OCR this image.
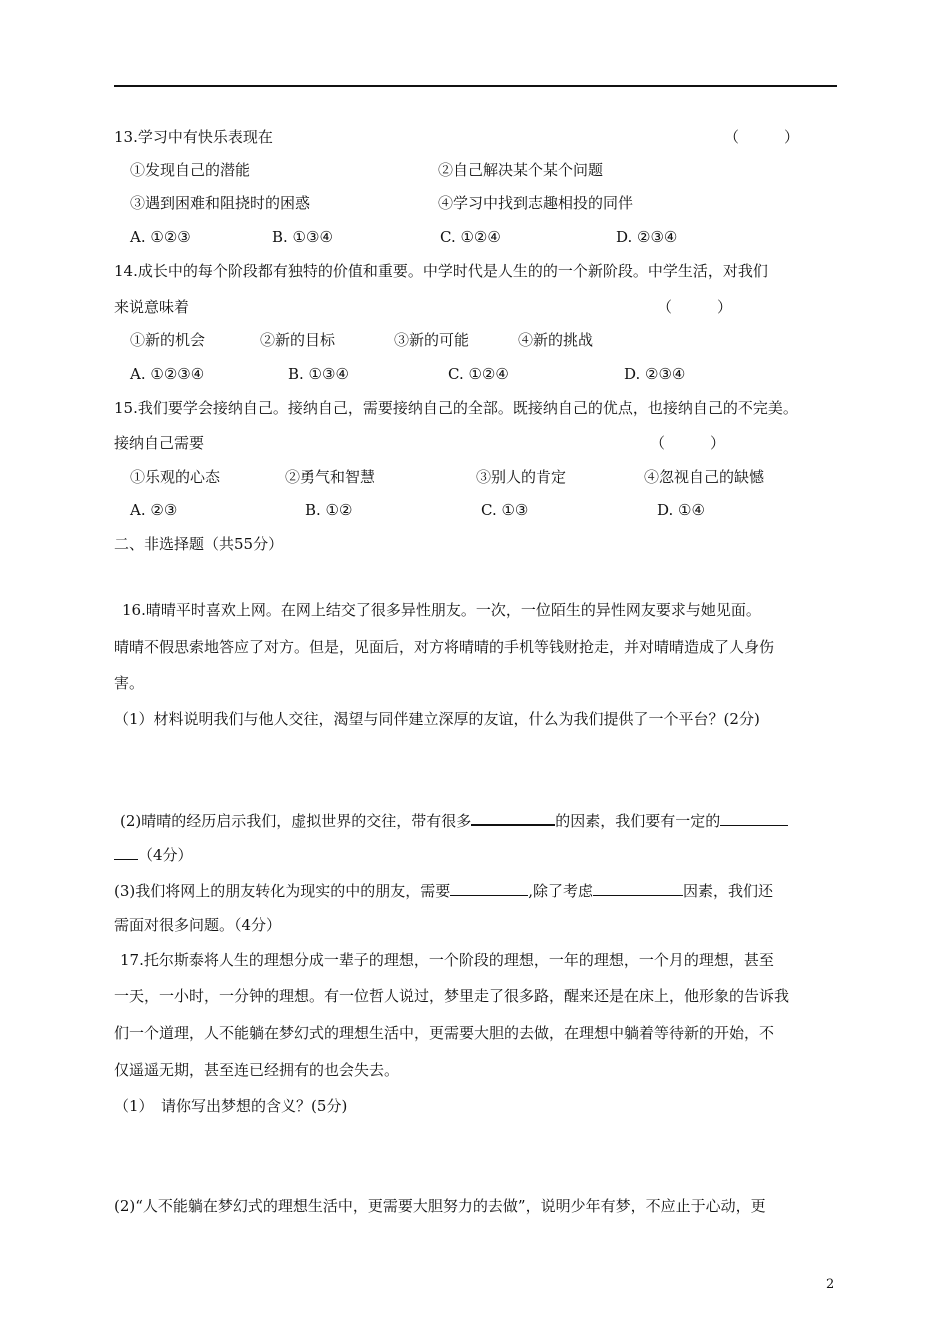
13.学习中有快乐表现在	（　　　）
①发现自己的潜能	②自己解决某个某个问题
③遇到困难和阻挠时的困惑	④学习中找到志趣相投的同伴
A. ①②③	B. ①③④	C. ①②④	D. ②③④
14.成长中的每个阶段都有独特的价值和重要。中学时代是人生的的一个新阶段。中学生活，对我们
来说意味着	（　　　）
①新的机会	②新的目标	③新的可能	④新的挑战
A. ①②③④	B. ①③④	C. ①②④	D. ②③④
15.我们要学会接纳自己。接纳自己，需要接纳自己的全部。既接纳自己的优点，也接纳自己的不完美。
接纳自己需要	（　　　）
①乐观的心态	②勇气和智慧	③别人的肯定	④忽视自己的缺憾
A. ②③	B. ①②	C. ①③	D. ①④
二、非选择题（共55分）
16.晴晴平时喜欢上网。在网上结交了很多异性朋友。一次，一位陌生的异性网友要求与她见面。
晴晴不假思索地答应了对方。但是，见面后，对方将晴晴的手机等钱财抢走，并对晴晴造成了人身伤
害。
（1）材料说明我们与他人交往，渴望与同伴建立深厚的友谊，什么为我们提供了一个平台？(2分)
(2)晴晴的经历启示我们，虚拟世界的交往，带有很多	的因素，我们要有一定的
（4分）
(3)我们将网上的朋友转化为现实的中的朋友，需要	,除了考虑	因素，我们还
需面对很多问题。（4分）
17.托尔斯泰将人生的理想分成一辈子的理想，一个阶段的理想，一年的理想，一个月的理想，甚至
一天，一小时，一分钟的理想。有一位哲人说过，梦里走了很多路，醒来还是在床上，他形象的告诉我
们一个道理，人不能躺在梦幻式的理想生活中，更需要大胆的去做，在理想中躺着等待新的开始，不
仅遥遥无期，甚至连已经拥有的也会失去。
（1）　请你写出梦想的含义？(5分)
(2)“人不能躺在梦幻式的理想生活中，更需要大胆努力的去做”，说明少年有梦，不应止于心动，更
2
